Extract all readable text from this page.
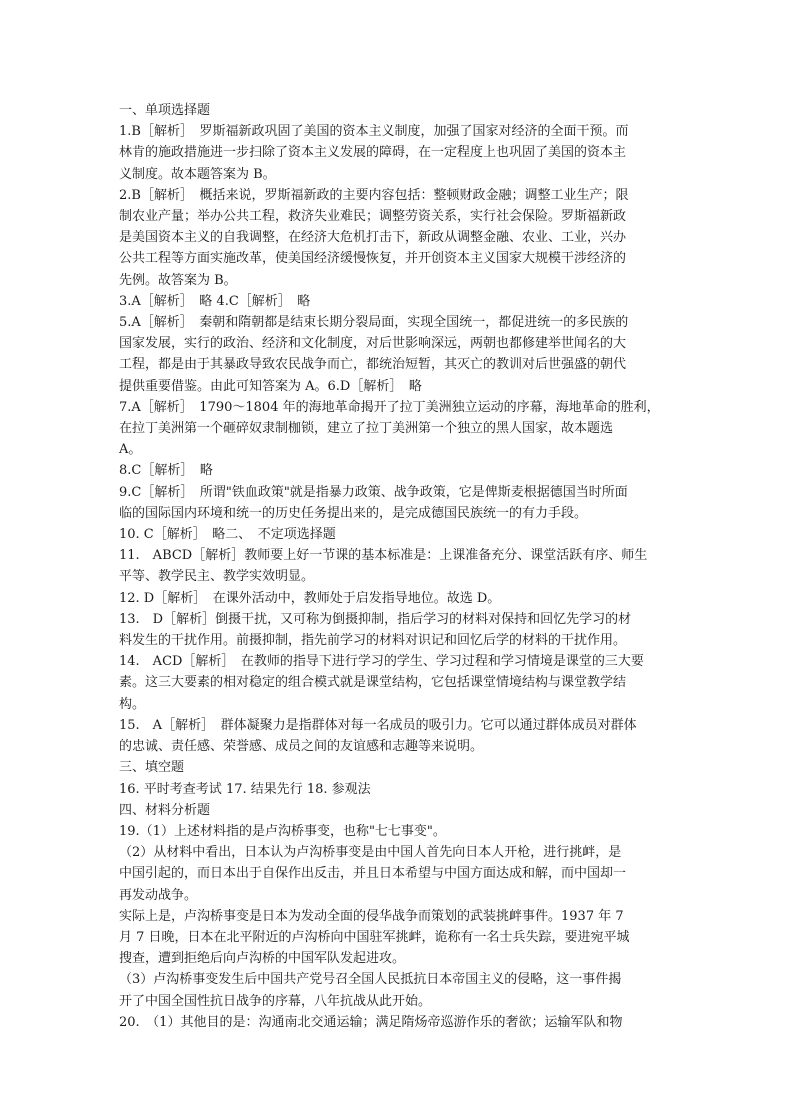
一、单项选择题
1.B［解析］　罗斯福新政巩固了美国的资本主义制度，加强了国家对经济的全面干预。而
林肯的施政措施进一步扫除了资本主义发展的障碍，在一定程度上也巩固了美国的资本主
义制度。故本题答案为 B。
2.B［解析］　概括来说，罗斯福新政的主要内容包括：整顿财政金融；调整工业生产；限
制农业产量；举办公共工程，救济失业难民；调整劳资关系，实行社会保险。罗斯福新政
是美国资本主义的自我调整，在经济大危机打击下，新政从调整金融、农业、工业，兴办
公共工程等方面实施改革，使美国经济缓慢恢复，并开创资本主义国家大规模干涉经济的
先例。故答案为 B。
3.A［解析］　略 4.C［解析］　略
5.A［解析］　秦朝和隋朝都是结束长期分裂局面，实现全国统一，都促进统一的多民族的
国家发展，实行的政治、经济和文化制度，对后世影响深远，两朝也都修建举世闻名的大
工程，都是由于其暴政导致农民战争而亡，都统治短暂，其灭亡的教训对后世强盛的朝代
提供重要借鉴。由此可知答案为 A。6.D［解析］　略
7.A［解析］　1790～1804 年的海地革命揭开了拉丁美洲独立运动的序幕，海地革命的胜利，
在拉丁美洲第一个砸碎奴隶制枷锁，建立了拉丁美洲第一个独立的黑人国家，故本题选
A。
8.C［解析］　略
9.C［解析］　所谓"铁血政策"就是指暴力政策、战争政策，它是俾斯麦根据德国当时所面
临的国际国内环境和统一的历史任务提出来的，是完成德国民族统一的有力手段。
10. C［解析］　略二、　不定项选择题
11.　ABCD［解析］教师要上好一节课的基本标准是：上课准备充分、课堂活跃有序、师生
平等、教学民主、教学实效明显。
12. D［解析］　在课外活动中，教师处于启发指导地位。故选 D。
13.　D［解析］倒摄干扰，又可称为倒摄抑制，指后学习的材料对保持和回忆先学习的材
料发生的干扰作用。前摄抑制，指先前学习的材料对识记和回忆后学的材料的干扰作用。
14.　ACD［解析］　在教师的指导下进行学习的学生、学习过程和学习情境是课堂的三大要
素。这三大要素的相对稳定的组合模式就是课堂结构，它包括课堂情境结构与课堂教学结
构。
15.　A［解析］　群体凝聚力是指群体对每一名成员的吸引力。它可以通过群体成员对群体
的忠诚、责任感、荣誉感、成员之间的友谊感和志趣等来说明。
三、填空题
16. 平时考查考试 17. 结果先行 18. 参观法
四、材料分析题
19.（1）上述材料指的是卢沟桥事变，也称"七七事变"。
（2）从材料中看出，日本认为卢沟桥事变是由中国人首先向日本人开枪，进行挑衅，是
中国引起的，而日本出于自保作出反击，并且日本希望与中国方面达成和解，而中国却一
再发动战争。
实际上是，卢沟桥事变是日本为发动全面的侵华战争而策划的武装挑衅事件。1937 年 7
月 7 日晚，日本在北平附近的卢沟桥向中国驻军挑衅，诡称有一名士兵失踪，要进宛平城
搜查，遭到拒绝后向卢沟桥的中国军队发起进攻。
（3）卢沟桥事变发生后中国共产党号召全国人民抵抗日本帝国主义的侵略，这一事件揭
开了中国全国性抗日战争的序幕，八年抗战从此开始。
20.　（1）其他目的是：沟通南北交通运输；满足隋炀帝巡游作乐的奢欲；运输军队和物
